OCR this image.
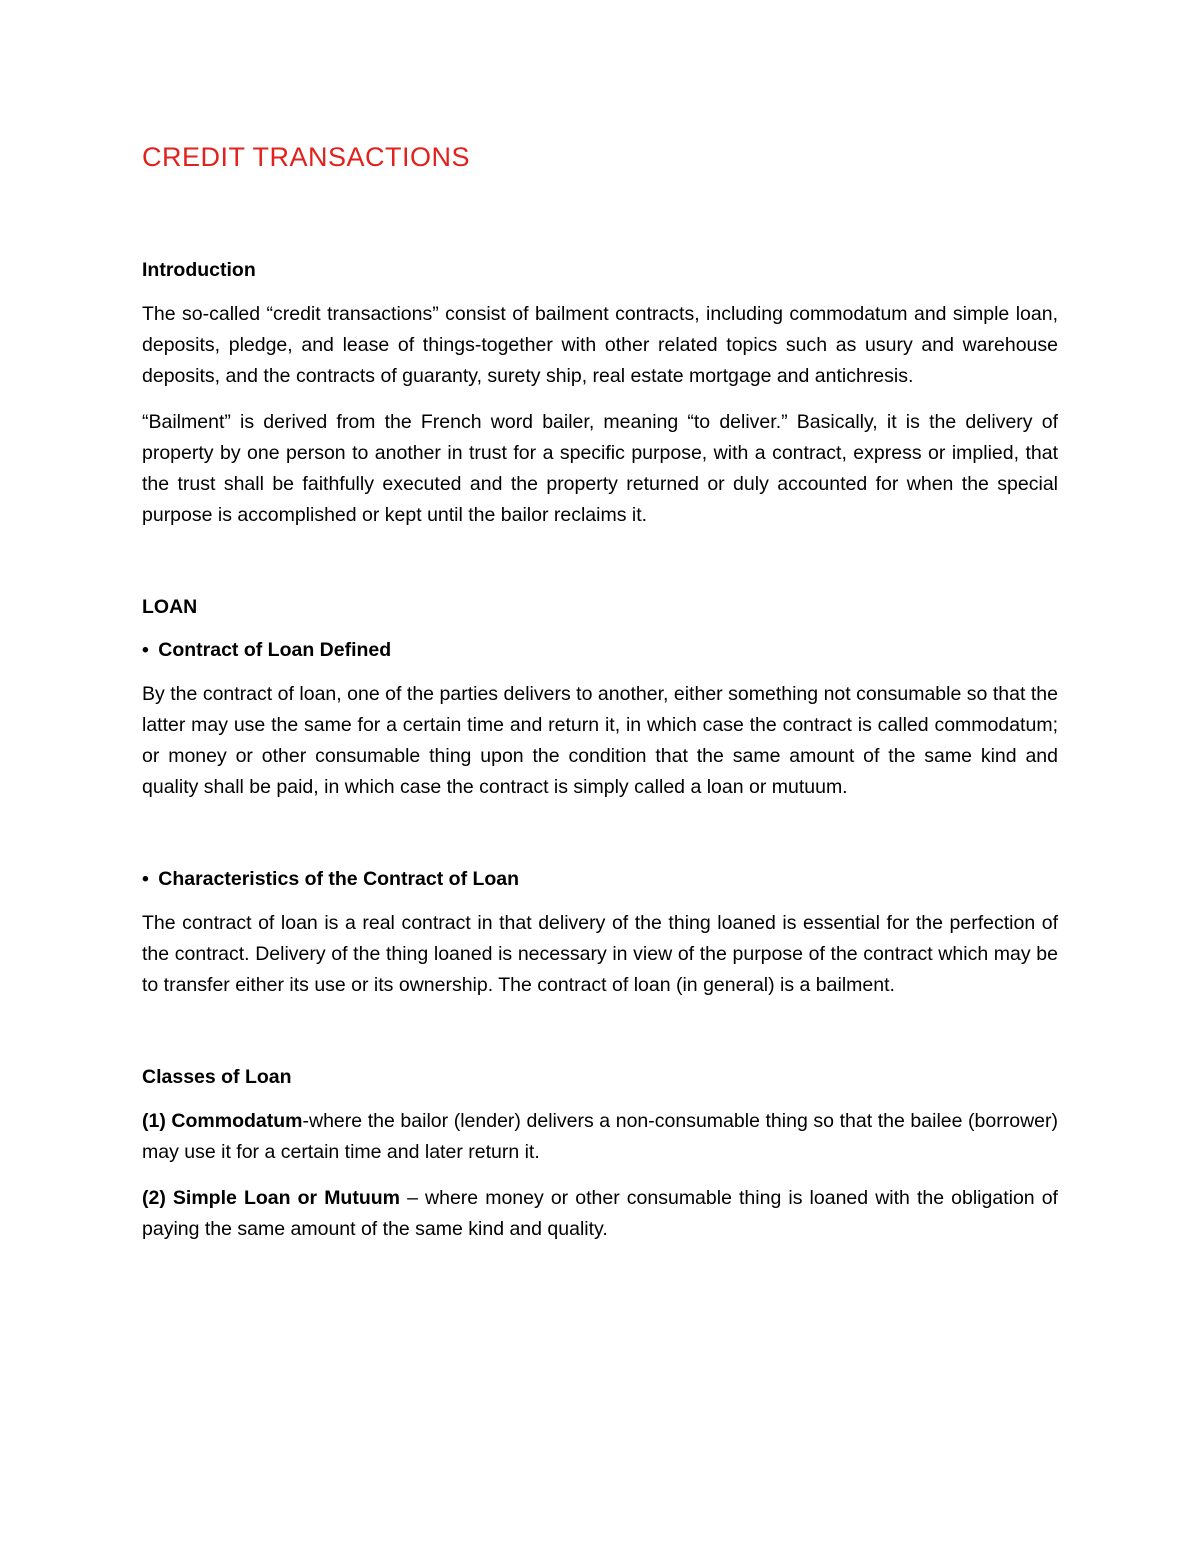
CREDIT TRANSACTIONS
Introduction

The so-called “credit transactions” consist of bailment contracts, including commodatum and simple loan, deposits, pledge, and lease of things-together with other related topics such as usury and warehouse deposits, and the contracts of guaranty, surety ship, real estate mortgage and antichresis.

“Bailment” is derived from the French word bailer, meaning “to deliver.” Basically, it is the delivery of property by one person to another in trust for a specific purpose, with a contract, express or implied, that the trust shall be faithfully executed and the property returned or duly accounted for when the special purpose is accomplished or kept until the bailor reclaims it.

LOAN
• Contract of Loan Defined

By the contract of loan, one of the parties delivers to another, either something not consumable so that the latter may use the same for a certain time and return it, in which case the contract is called commodatum; or money or other consumable thing upon the condition that the same amount of the same kind and quality shall be paid, in which case the contract is simply called a loan or mutuum.

• Characteristics of the Contract of Loan

The contract of loan is a real contract in that delivery of the thing loaned is essential for the perfection of the contract. Delivery of the thing loaned is necessary in view of the purpose of the contract which may be to transfer either its use or its ownership. The contract of loan (in general) is a bailment.

Classes of Loan

(1) Commodatum-where the bailor (lender) delivers a non-consumable thing so that the bailee (borrower) may use it for a certain time and later return it.

(2) Simple Loan or Mutuum – where money or other consumable thing is loaned with the obligation of paying the same amount of the same kind and quality.
